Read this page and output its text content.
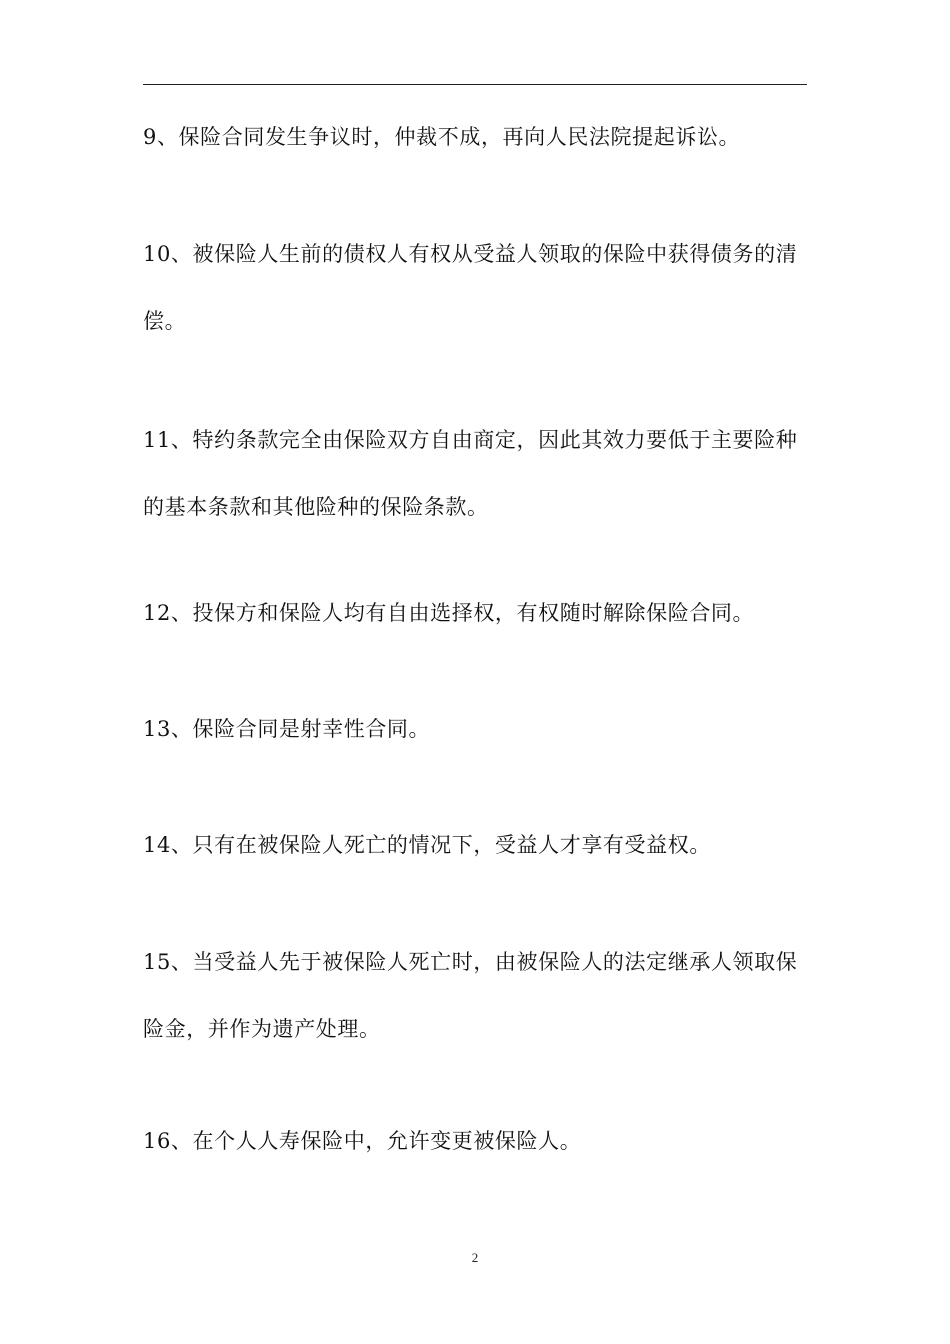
9、保险合同发生争议时，仲裁不成，再向人民法院提起诉讼。

10、被保险人生前的债权人有权从受益人领取的保险中获得债务的清偿。

11、特约条款完全由保险双方自由商定，因此其效力要低于主要险种的基本条款和其他险种的保险条款。

12、投保方和保险人均有自由选择权，有权随时解除保险合同。

13、保险合同是射幸性合同。

14、只有在被保险人死亡的情况下，受益人才享有受益权。

15、当受益人先于被保险人死亡时，由被保险人的法定继承人领取保险金，并作为遗产处理。

16、在个人人寿保险中，允许变更被保险人。

2
